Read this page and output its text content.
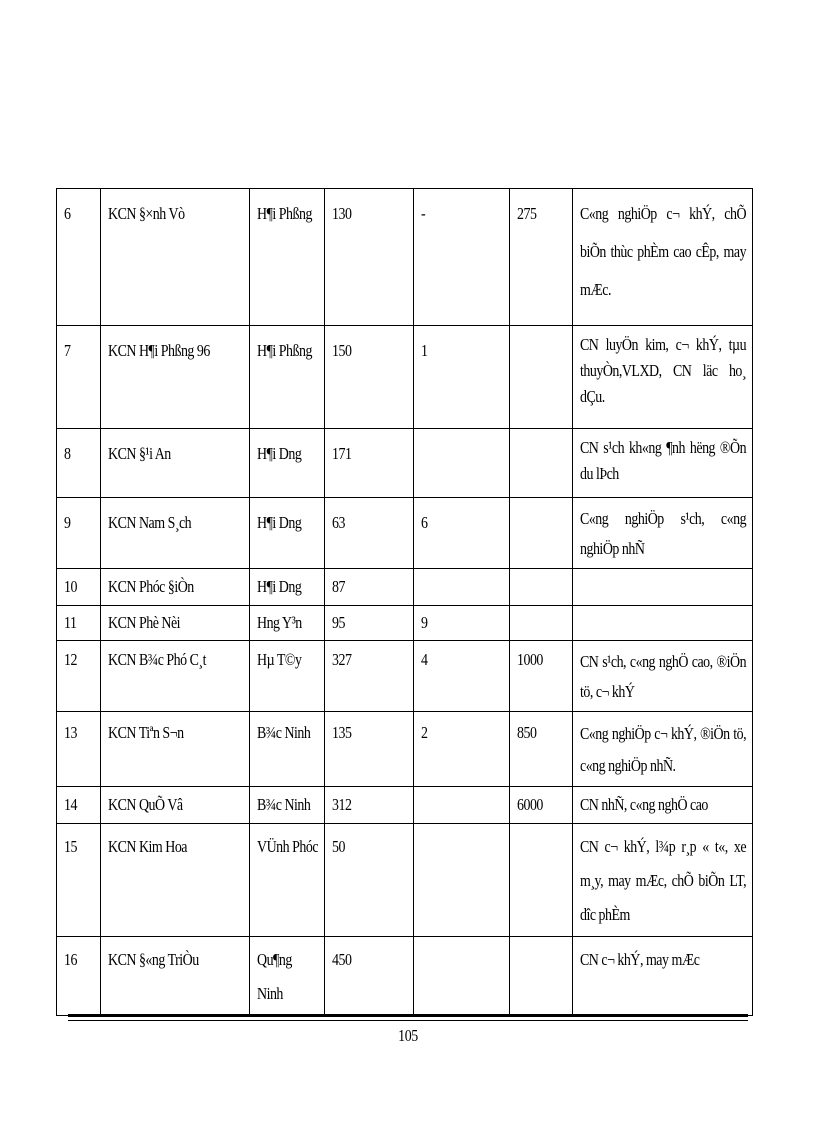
6	KCN §×nh Vò	H¶i Phßng	130	-	275	C«ng nghiÖp c¬ khÝ, chÕ biÕn thùc phÈm cao cÊp, may mÆc.

7	KCN H¶i Phßng 96	H¶i Phßng	150	1		CN luyÖn kim, c¬ khÝ, tµu thuyÒn,VLXD, CN läc ho¸ dÇu.

8	KCN §¹i An	H¶i Dng	171			CN s¹ch kh«ng ¶nh hëng ®Õn du lÞch

9	KCN Nam S¸ch	H¶i Dng	63	6		C«ng nghiÖp s¹ch, c«ng nghiÖp nhÑ

10	KCN Phóc §iÒn	H¶i Dng	87			

11	KCN Phè Nèi	Hng Y³n	95	9		

12	KCN B¾c Phó C¸t	Hµ T©y	327	4	1000	CN s¹ch, c«ng nghÖ cao, ®iÖn tö, c¬ khÝ

13	KCN Tiªn S¬n	B¾c Ninh	135	2	850	C«ng nghiÖp c¬ khÝ, ®iÖn tö, c«ng nghiÖp nhÑ.

14	KCN QuÕ Vâ	B¾c Ninh	312		6000	CN nhÑ, c«ng nghÖ cao

15	KCN Kim Hoa	VÜnh Phóc	50			CN c¬ khÝ, l¾p r¸p « t«, xe m¸y, may mÆc, chÕ biÕn LT, dîc phÈm

16	KCN §«ng TriÒu	Qu¶ng Ninh	450			CN c¬ khÝ, may mÆc
105
